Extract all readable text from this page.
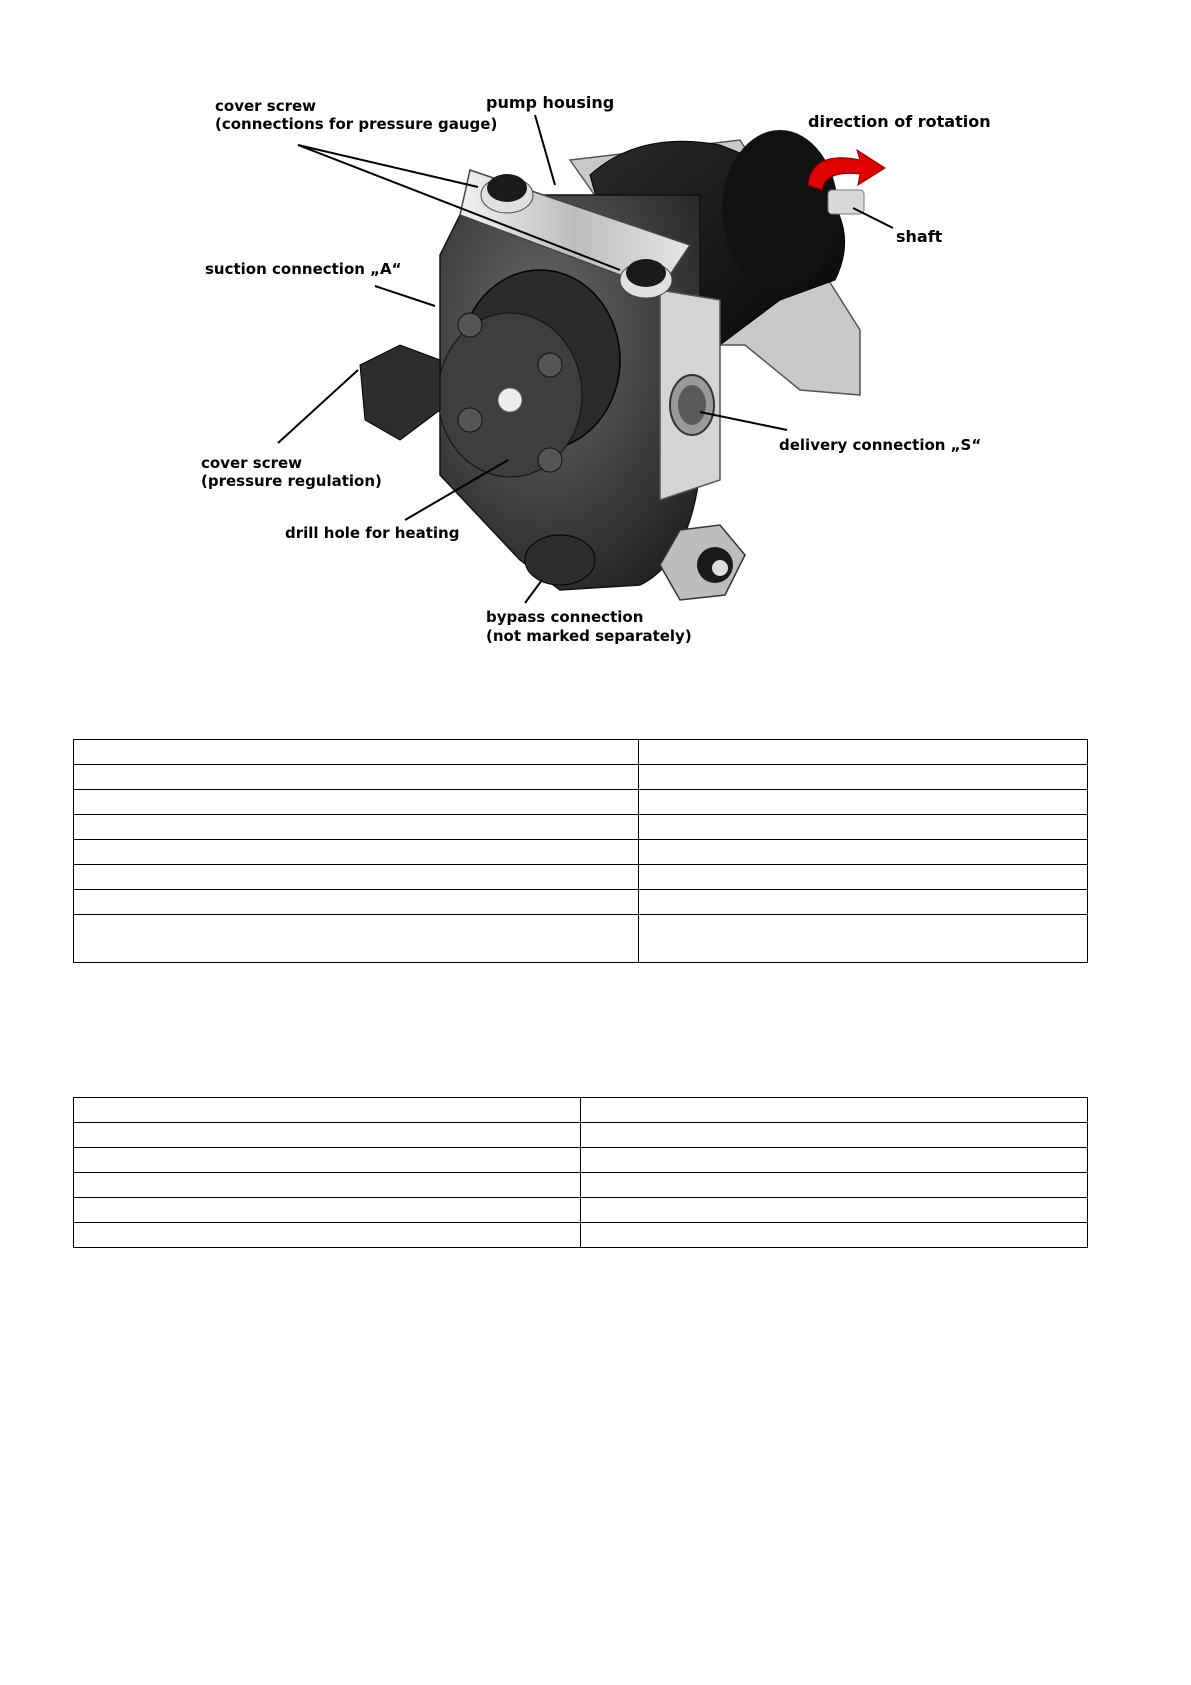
cover screw
(connections for pressure gauge)
pump housing
direction of rotation
shaft
suction connection „A“
cover screw
(pressure regulation)
delivery connection „S“
drill hole for heating
bypass connection
(not marked separately)
